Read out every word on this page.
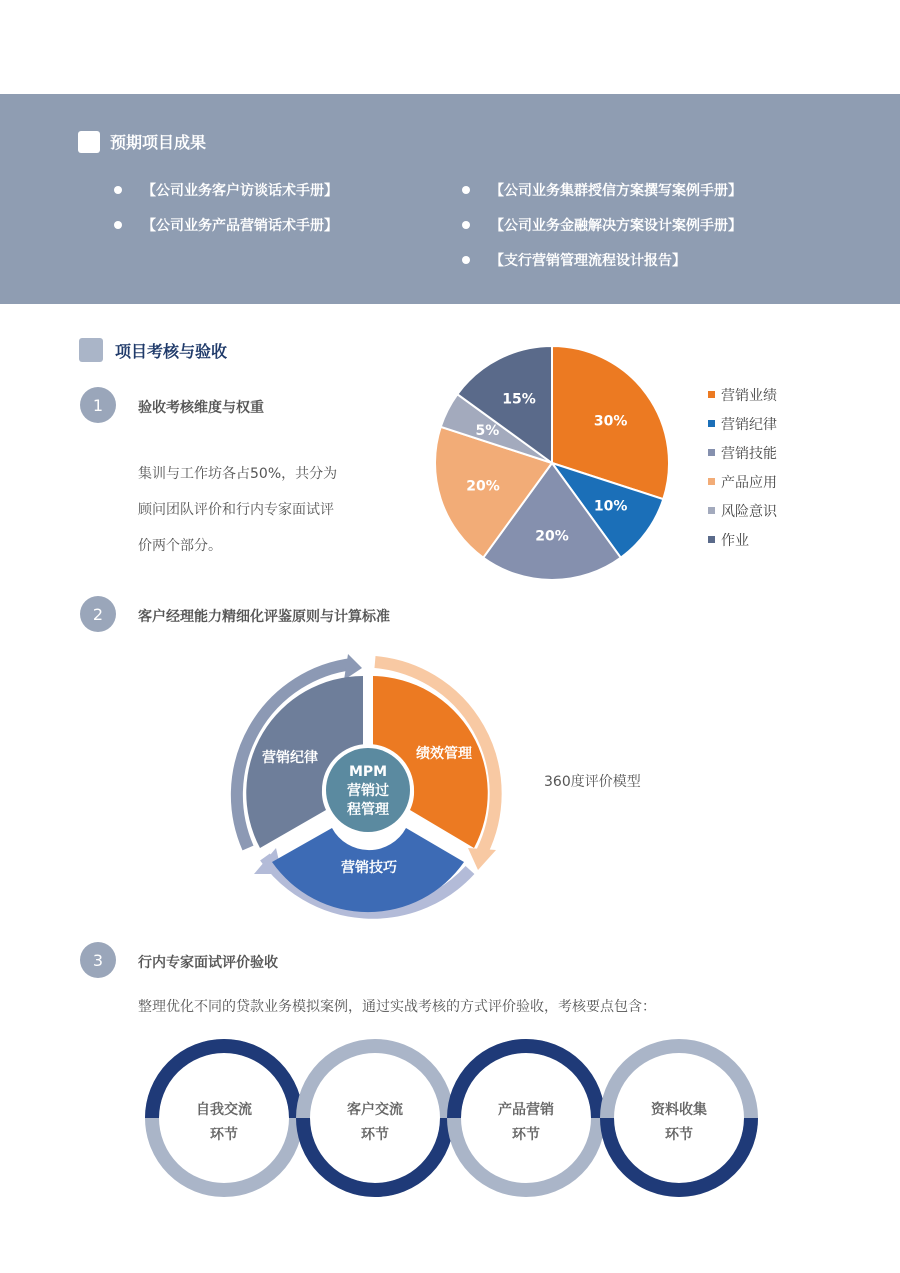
预期项目成果
【公司业务客户访谈话术手册】
【公司业务产品营销话术手册】
【公司业务集群授信方案撰写案例手册】
【公司业务金融解决方案设计案例手册】
【支行营销管理流程设计报告】
项目考核与验收
1	验收考核维度与权重
集训与工作坊各占50%，共分为
顾问团队评价和行内专家面试评
价两个部分。
30%
10%
20%
20%
5%
15%	营销业绩
营销纪律
营销技能
产品应用
风险意识
作业
2	客户经理能力精细化评鉴原则与计算标准
MPM
营销过
程管理
绩效管理
营销技巧
营销纪律
360度评价模型
3	行内专家面试评价验收
整理优化不同的贷款业务模拟案例，通过实战考核的方式评价验收，考核要点包含：
自我交流
环节
客户交流
环节
产品营销
环节
资料收集
环节
